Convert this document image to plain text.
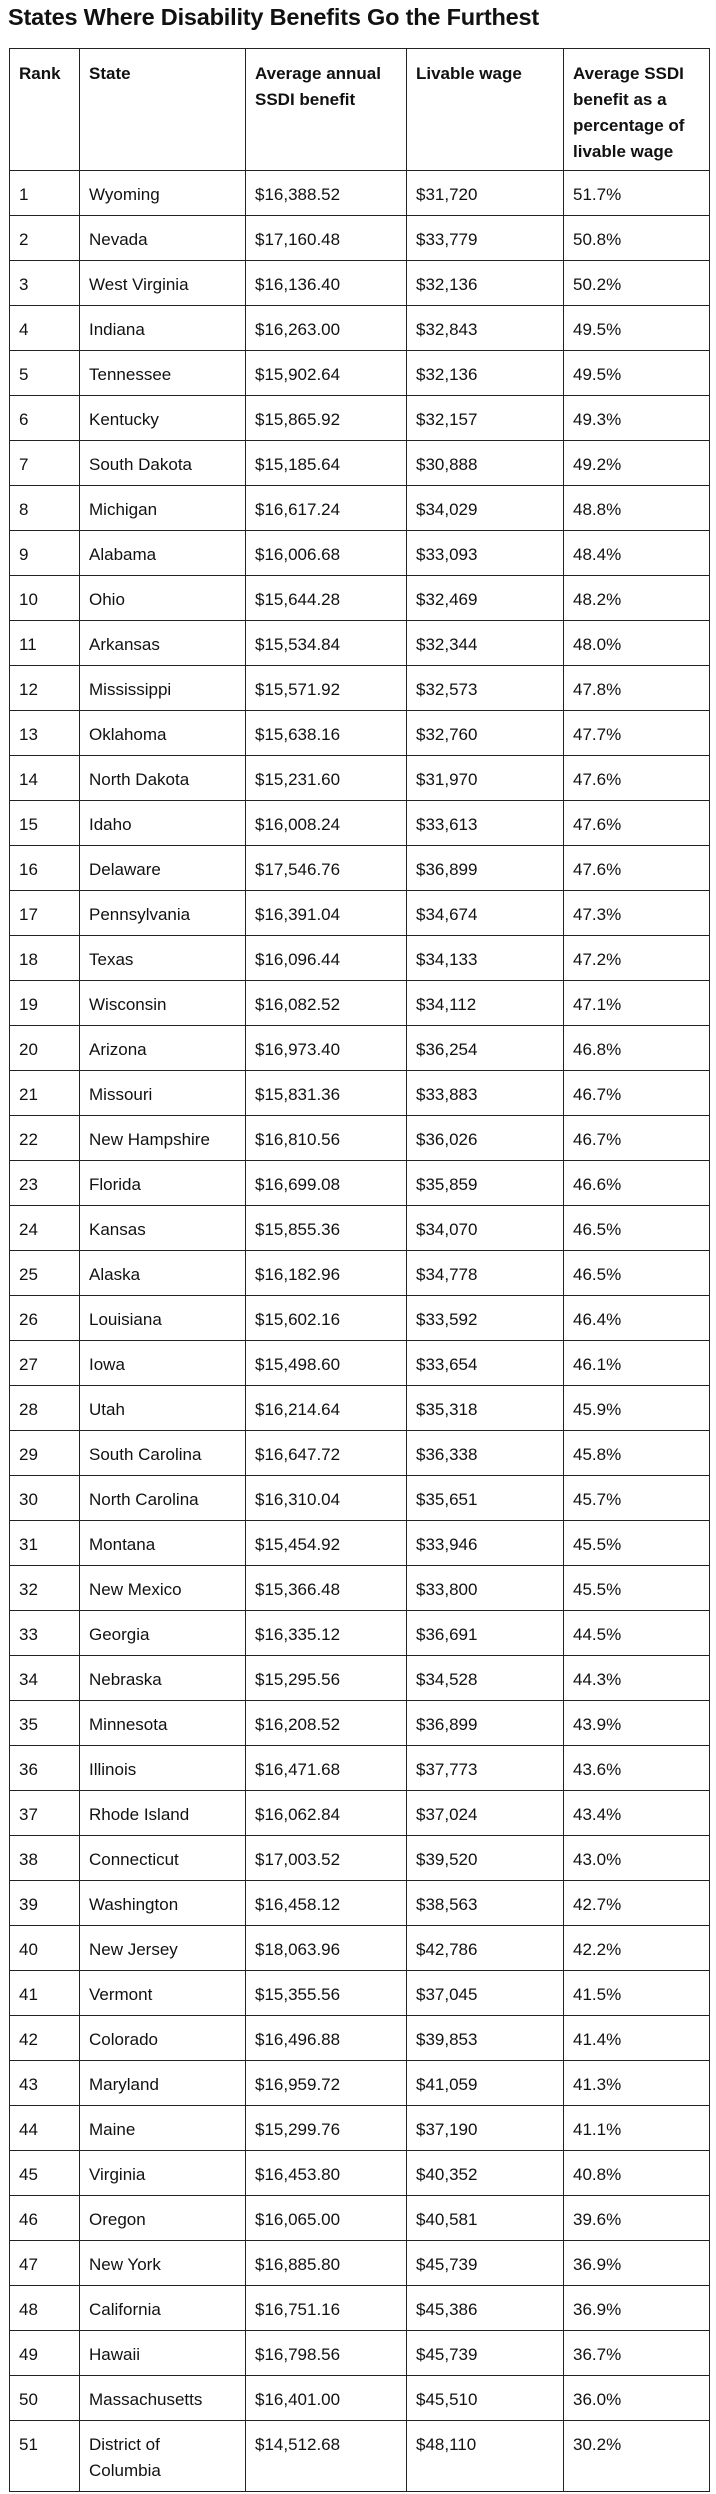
States Where Disability Benefits Go the Furthest
Rank	State	Average annual SSDI benefit	Livable wage	Average SSDI benefit as a percentage of livable wage
1	Wyoming	$16,388.52	$31,720	51.7%
2	Nevada	$17,160.48	$33,779	50.8%
3	West Virginia	$16,136.40	$32,136	50.2%
4	Indiana	$16,263.00	$32,843	49.5%
5	Tennessee	$15,902.64	$32,136	49.5%
6	Kentucky	$15,865.92	$32,157	49.3%
7	South Dakota	$15,185.64	$30,888	49.2%
8	Michigan	$16,617.24	$34,029	48.8%
9	Alabama	$16,006.68	$33,093	48.4%
10	Ohio	$15,644.28	$32,469	48.2%
11	Arkansas	$15,534.84	$32,344	48.0%
12	Mississippi	$15,571.92	$32,573	47.8%
13	Oklahoma	$15,638.16	$32,760	47.7%
14	North Dakota	$15,231.60	$31,970	47.6%
15	Idaho	$16,008.24	$33,613	47.6%
16	Delaware	$17,546.76	$36,899	47.6%
17	Pennsylvania	$16,391.04	$34,674	47.3%
18	Texas	$16,096.44	$34,133	47.2%
19	Wisconsin	$16,082.52	$34,112	47.1%
20	Arizona	$16,973.40	$36,254	46.8%
21	Missouri	$15,831.36	$33,883	46.7%
22	New Hampshire	$16,810.56	$36,026	46.7%
23	Florida	$16,699.08	$35,859	46.6%
24	Kansas	$15,855.36	$34,070	46.5%
25	Alaska	$16,182.96	$34,778	46.5%
26	Louisiana	$15,602.16	$33,592	46.4%
27	Iowa	$15,498.60	$33,654	46.1%
28	Utah	$16,214.64	$35,318	45.9%
29	South Carolina	$16,647.72	$36,338	45.8%
30	North Carolina	$16,310.04	$35,651	45.7%
31	Montana	$15,454.92	$33,946	45.5%
32	New Mexico	$15,366.48	$33,800	45.5%
33	Georgia	$16,335.12	$36,691	44.5%
34	Nebraska	$15,295.56	$34,528	44.3%
35	Minnesota	$16,208.52	$36,899	43.9%
36	Illinois	$16,471.68	$37,773	43.6%
37	Rhode Island	$16,062.84	$37,024	43.4%
38	Connecticut	$17,003.52	$39,520	43.0%
39	Washington	$16,458.12	$38,563	42.7%
40	New Jersey	$18,063.96	$42,786	42.2%
41	Vermont	$15,355.56	$37,045	41.5%
42	Colorado	$16,496.88	$39,853	41.4%
43	Maryland	$16,959.72	$41,059	41.3%
44	Maine	$15,299.76	$37,190	41.1%
45	Virginia	$16,453.80	$40,352	40.8%
46	Oregon	$16,065.00	$40,581	39.6%
47	New York	$16,885.80	$45,739	36.9%
48	California	$16,751.16	$45,386	36.9%
49	Hawaii	$16,798.56	$45,739	36.7%
50	Massachusetts	$16,401.00	$45,510	36.0%
51	District of Columbia	$14,512.68	$48,110	30.2%
